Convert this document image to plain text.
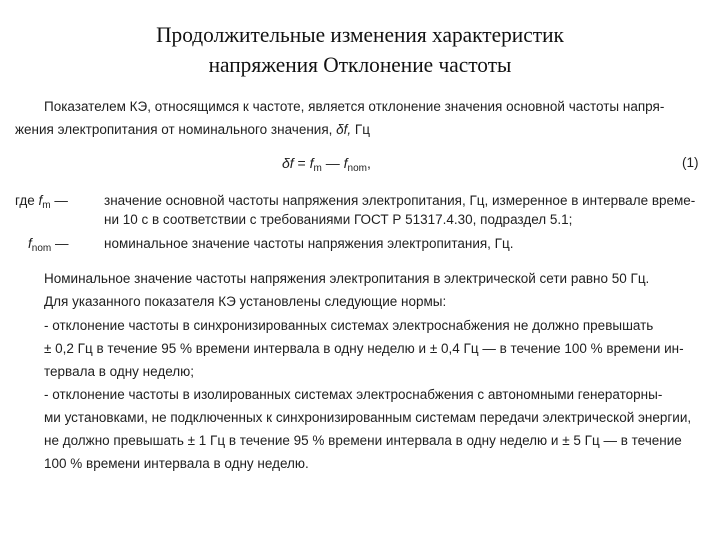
Продолжительные изменения характеристик
напряжения Отклонение частоты
Показателем КЭ, относящимся к частоте, является отклонение значения основной частоты напря-
жения электропитания от номинального значения, δf, Гц
$\delta f = f_m$ — $f_{nom}$,	(1)
где $f_m$ —	значение основной частоты напряжения электропитания, Гц, измеренное в интервале време-
ни 10 с в соответствии с требованиями ГОСТ Р 51317.4.30, подраздел 5.1;
$f_{nom}$ —	номинальное значение частоты напряжения электропитания, Гц.
Номинальное значение частоты напряжения электропитания в электрической сети равно 50 Гц.
Для указанного показателя КЭ установлены следующие нормы:
- отклонение частоты в синхронизированных системах электроснабжения не должно превышать
± 0,2 Гц в течение 95 % времени интервала в одну неделю и ± 0,4 Гц — в течение 100 % времени ин-
тервала в одну неделю;
- отклонение частоты в изолированных системах электроснабжения с автономными генераторны-
ми установками, не подключенных к синхронизированным системам передачи электрической энергии,
не должно превышать ± 1 Гц в течение 95 % времени интервала в одну неделю и ± 5 Гц — в течение
100 % времени интервала в одну неделю.
